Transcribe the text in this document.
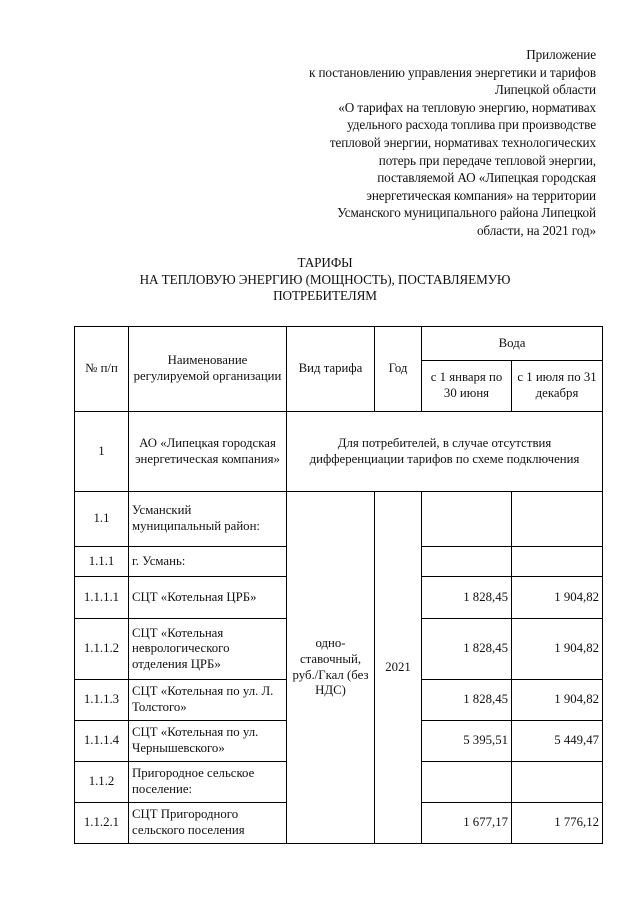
Приложение
к постановлению управления энергетики и тарифов
Липецкой области
«О тарифах на тепловую энергию, нормативах
удельного расхода топлива при производстве
тепловой энергии, нормативах технологических
потерь при передаче тепловой энергии,
поставляемой АО «Липецкая городская
энергетическая компания» на территории
Усманского муниципального района Липецкой
области, на 2021 год»
ТАРИФЫ
НА ТЕПЛОВУЮ ЭНЕРГИЮ (МОЩНОСТЬ), ПОСТАВЛЯЕМУЮ
ПОТРЕБИТЕЛЯМ
№ п/п	Наименование регулируемой организации	Вид тарифа	Год	Вода	
				с 1 января по 30 июня	с 1 июля по 31 декабря
1	АО «Липецкая городская энергетическая компания»	Для потребителей, в случае отсутствия дифференциации тарифов по схеме подключения			
1.1	Усманский муниципальный район:	одно-ставочный, руб./Гкал (без НДС)	2021		
1.1.1	г. Усмань:				
1.1.1.1	СЦТ «Котельная ЦРБ»			1 828,45	1 904,82
1.1.1.2	СЦТ «Котельная неврологического отделения ЦРБ»			1 828,45	1 904,82
1.1.1.3	СЦТ «Котельная по ул. Л. Толстого»			1 828,45	1 904,82
1.1.1.4	СЦТ «Котельная по ул. Чернышевского»			5 395,51	5 449,47
1.1.2	Пригородное сельское поселение:				
1.1.2.1	СЦТ Пригородного сельского поселения			1 677,17	1 776,12
